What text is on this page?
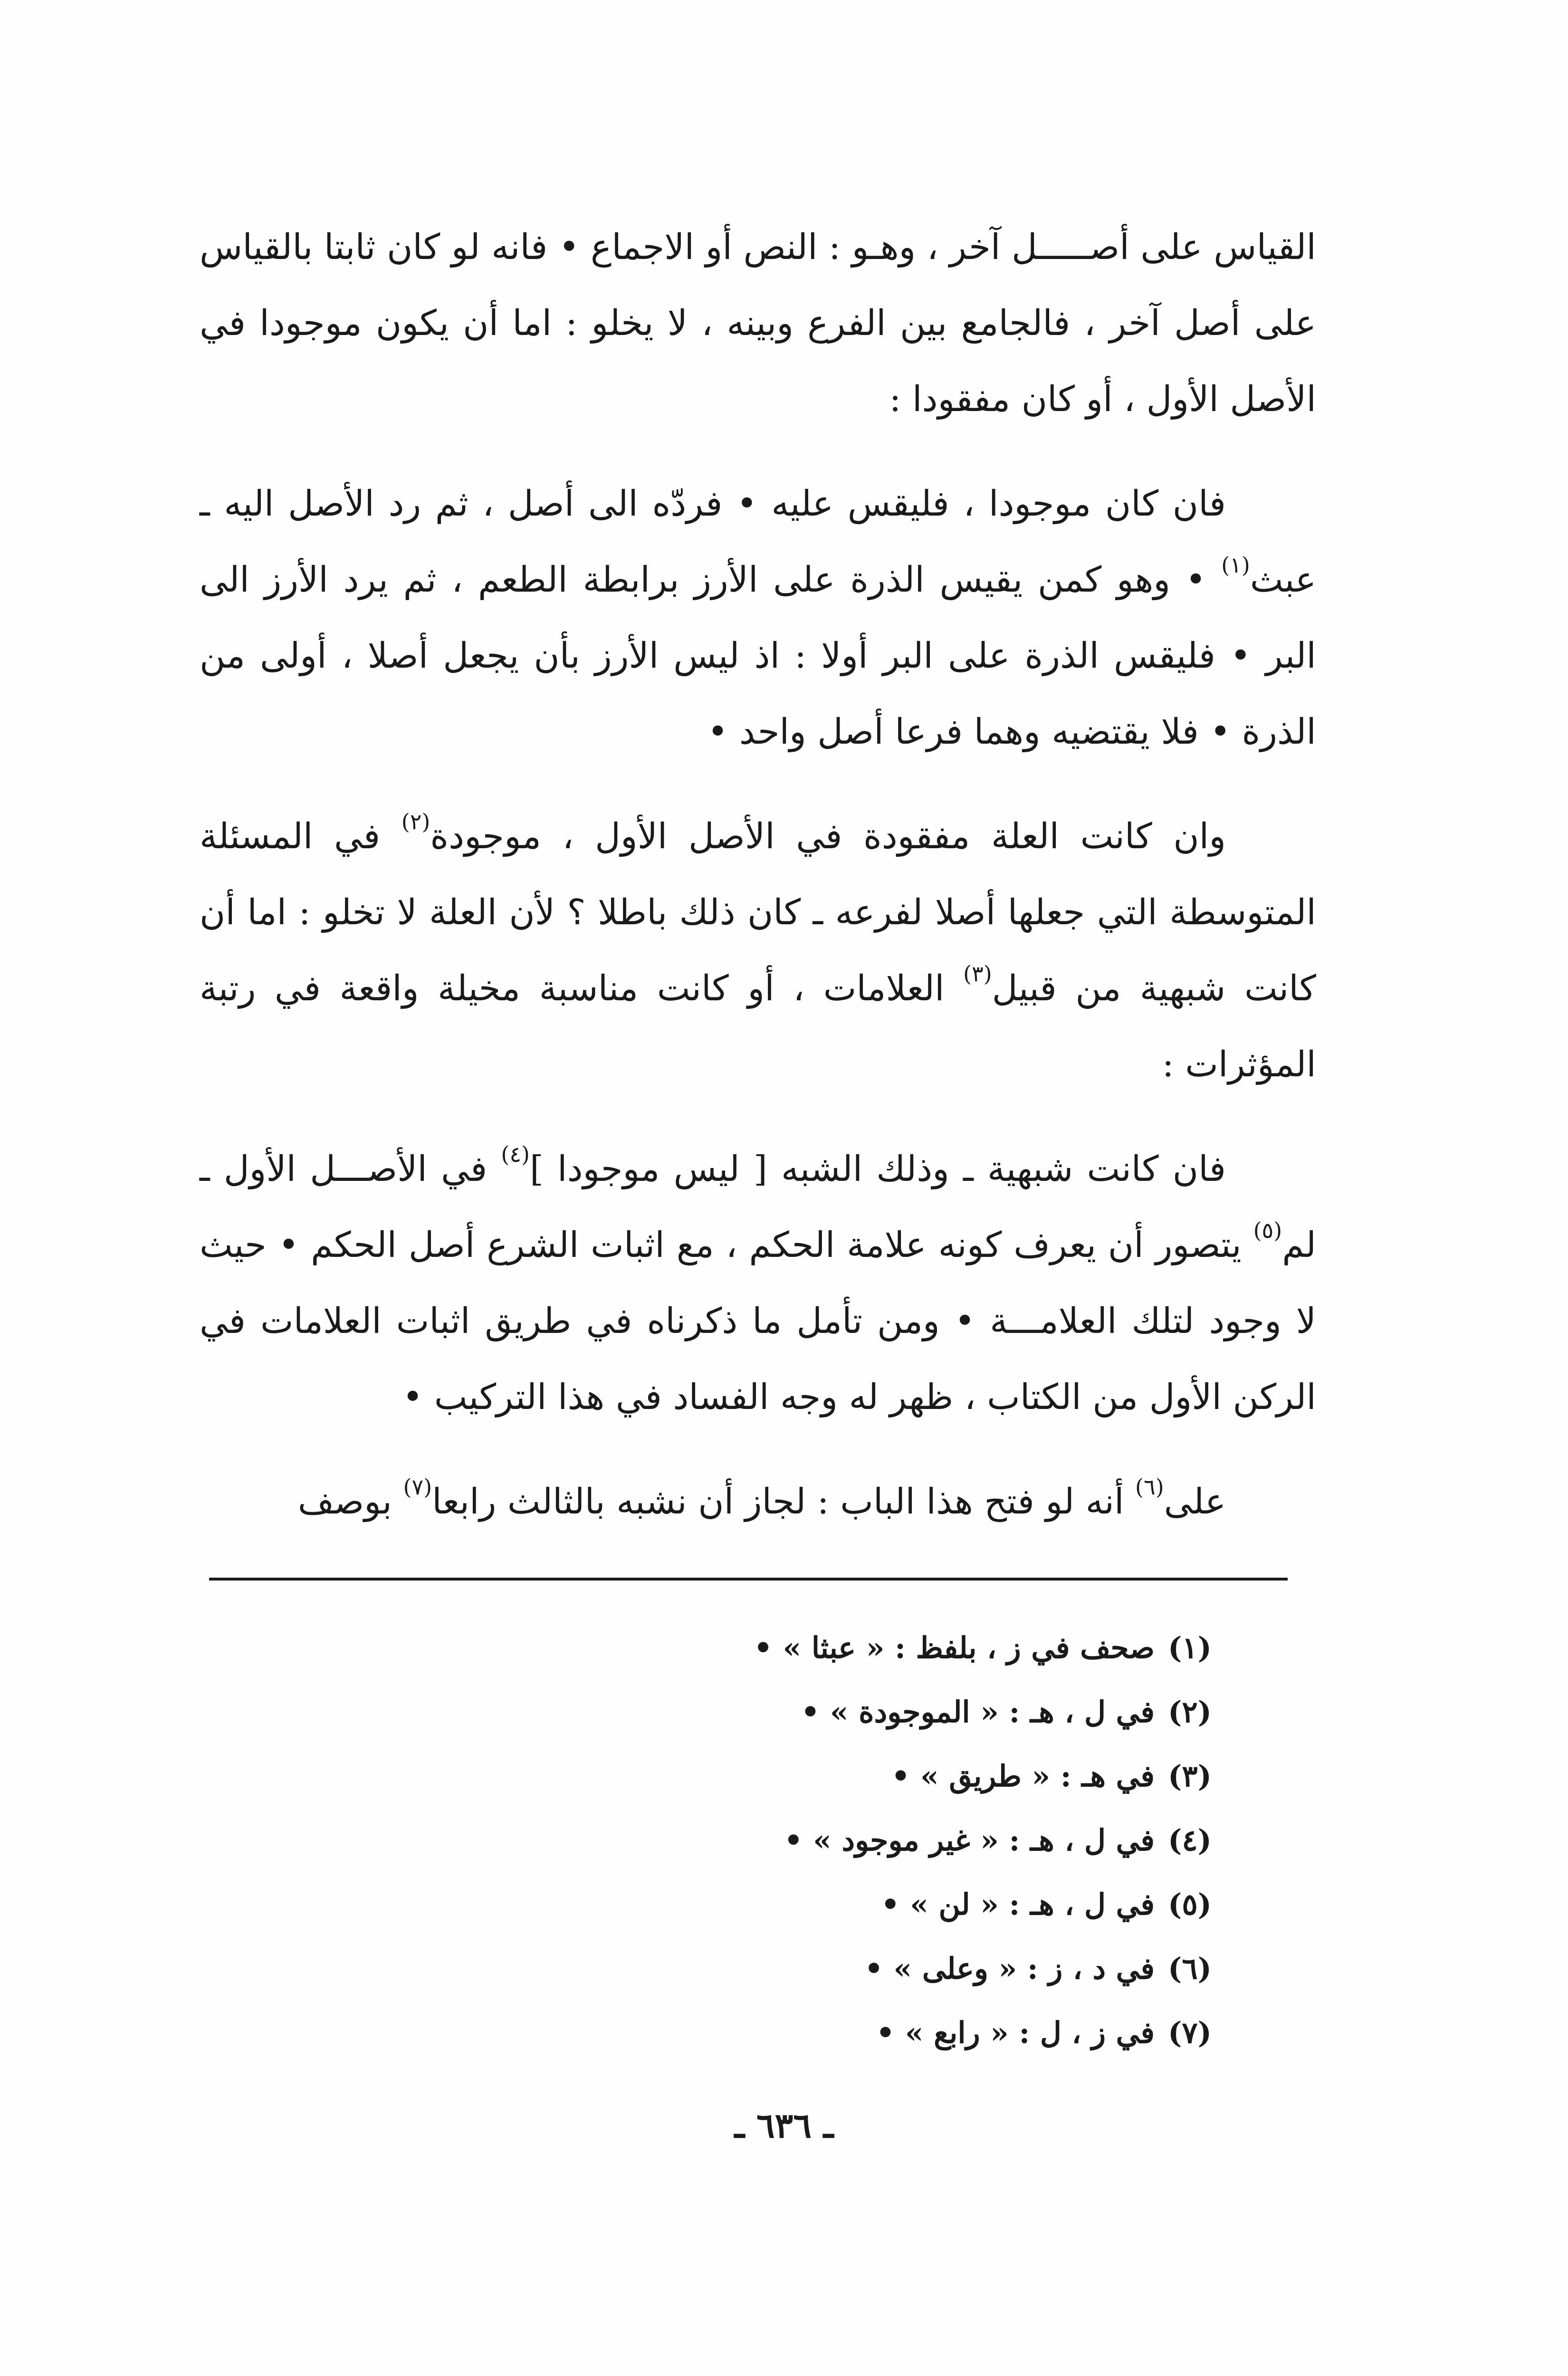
القياس على أصـــــل آخر ، وهـو : النص أو الاجماع • فانه لو كان ثابتا بالقياس على أصل آخر ، فالجامع بين الفرع وبينه ، لا يخلو : اما أن يكون موجودا في الأصل الأول ، أو كان مفقودا :

فان كان موجودا ، فليقس عليه • فردّه الى أصل ، ثم رد الأصل اليه ـ عبث$^{(١)}$ • وهو كمن يقيس الذرة على الأرز برابطة الطعم ، ثم يرد الأرز الى البر • فليقس الذرة على البر أولا : اذ ليس الأرز بأن يجعل أصلا ، أولى من الذرة • فلا يقتضيه وهما فرعا أصل واحد •

وان كانت العلة مفقودة في الأصل الأول ، موجودة$^{(٢)}$ في المسئلة المتوسطة التي جعلها أصلا لفرعه ـ كان ذلك باطلا ؟ لأن العلة لا تخلو : اما أن كانت شبهية من قبيل$^{(٣)}$ العلامات ، أو كانت مناسبة مخيلة واقعة في رتبة المؤثرات :

فان كانت شبهية ـ وذلك الشبه [ ليس موجودا ]$^{(٤)}$ في الأصـــل الأول ـ لم$^{(٥)}$ يتصور أن يعرف كونه علامة الحكم ، مع اثبات الشرع أصل الحكم • حيث لا وجود لتلك العلامـــة • ومن تأمل ما ذكرناه في طريق اثبات العلامات في الركن الأول من الكتاب ، ظهر له وجه الفساد في هذا التركيب •

على$^{(٦)}$ أنه لو فتح هذا الباب : لجاز أن نشبه بالثالث رابعا$^{(٧)}$ بوصف

(١)صحف في ز ، بلفظ : « عبثا » •
(٢)في ل ، هـ : « الموجودة » •
(٣)في هـ : « طريق » •
(٤)في ل ، هـ : « غير موجود » •
(٥)في ل ، هـ : « لن » •
(٦)في د ، ز : « وعلى » •
(٧)في ز ، ل : « رابع » •
ـ ٦٣٦ ـ
